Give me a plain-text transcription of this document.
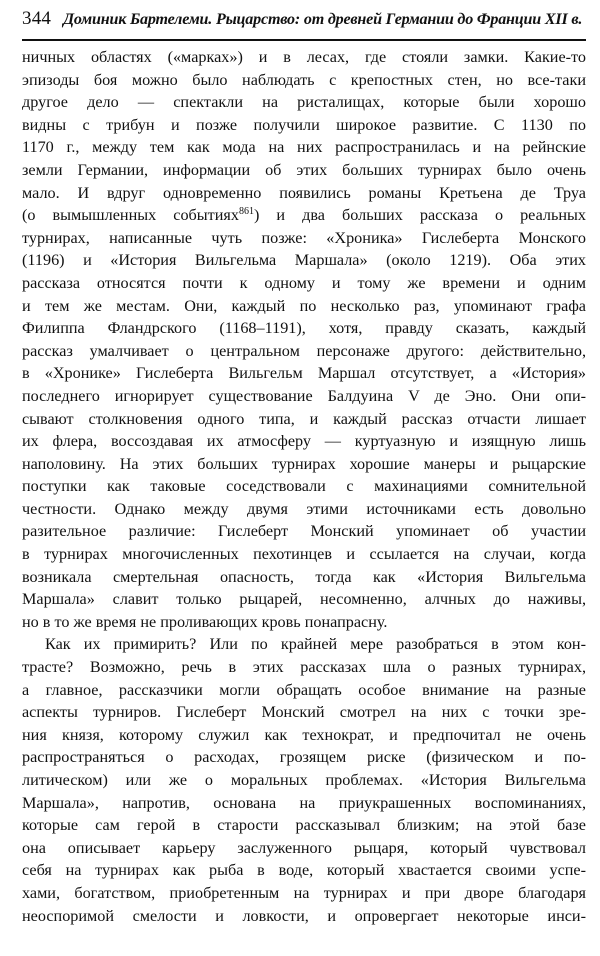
344 Доминик Бартелеми. Рыцарство: от древней Германии до Франции XII в.
ничных областях («марках») и в лесах, где стояли замки. Какие-то
эпизоды боя можно было наблюдать с крепостных стен, но все-таки
другое дело — спектакли на ристалищах, которые были хорошо
видны с трибун и позже получили широкое развитие. С 1130 по
1170 г., между тем как мода на них распространилась и на рейнские
земли Германии, информации об этих больших турнирах было очень
мало. И вдруг одновременно появились романы Кретьена де Труа
(о вымышленных событиях$^{861}$) и два больших рассказа о реальных
турнирах, написанные чуть позже: «Хроника» Гислеберта Монского
(1196) и «История Вильгельма Маршала» (около 1219). Оба этих
рассказа относятся почти к одному и тому же времени и одним
и тем же местам. Они, каждый по несколько раз, упоминают графа
Филиппа Фландрского (1168–1191), хотя, правду сказать, каждый
рассказ умалчивает о центральном персонаже другого: действительно,
в «Хронике» Гислеберта Вильгельм Маршал отсутствует, а «История»
последнего игнорирует существование Балдуина V де Эно. Они опи-
сывают столкновения одного типа, и каждый рассказ отчасти лишает
их флера, воссоздавая их атмосферу — куртуазную и изящную лишь
наполовину. На этих больших турнирах хорошие манеры и рыцарские
поступки как таковые соседствовали с махинациями сомнительной
честности. Однако между двумя этими источниками есть довольно
разительное различие: Гислеберт Монский упоминает об участии
в турнирах многочисленных пехотинцев и ссылается на случаи, когда
возникала смертельная опасность, тогда как «История Вильгельма
Маршала» славит только рыцарей, несомненно, алчных до наживы,
но в то же время не проливающих кровь понапрасну.
Как их примирить? Или по крайней мере разобраться в этом кон-
трасте? Возможно, речь в этих рассказах шла о разных турнирах,
а главное, рассказчики могли обращать особое внимание на разные
аспекты турниров. Гислеберт Монский смотрел на них с точки зре-
ния князя, которому служил как технократ, и предпочитал не очень
распространяться о расходах, грозящем риске (физическом и по-
литическом) или же о моральных проблемах. «История Вильгельма
Маршала», напротив, основана на приукрашенных воспоминаниях,
которые сам герой в старости рассказывал близким; на этой базе
она описывает карьеру заслуженного рыцаря, который чувствовал
себя на турнирах как рыба в воде, который хвастается своими успе-
хами, богатством, приобретенным на турнирах и при дворе благодаря
неоспоримой смелости и ловкости, и опровергает некоторые инси-
